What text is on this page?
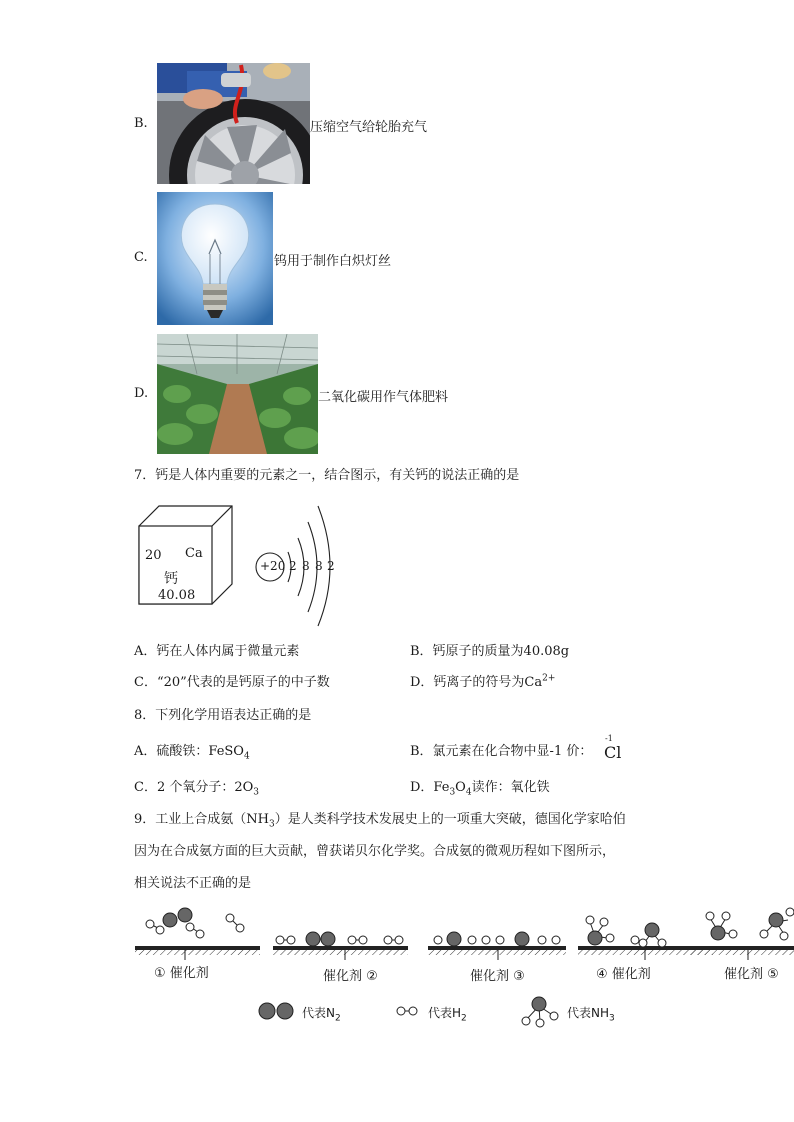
B.	压缩空气给轮胎充气
C.	钨用于制作白炽灯丝
D.	二氧化碳用作气体肥料
7．钙是人体内重要的元素之一，结合图示，有关钙的说法正确的是
20 Ca
钙
40.08
+20 2 8 8 2
A．钙在人体内属于微量元素	B．钙原子的质量为40.08g
C．“20”代表的是钙原子的中子数	D．钙离子的符号为$Ca^{2+}$
8．下列化学用语表达正确的是
A．硫酸铁：FeSO$_4$	B．氯元素在化合物中显-1 价：
-1
Cl
C．2 个氧分子：$2O_3$	D．$Fe_3O_4$读作：氧化铁
9．工业上合成氨$(NH_3)$是人类科学技术发展史上的一项重大突破，德国化学家哈伯
因为在合成氨方面的巨大贡献，曾获诺贝尔化学奖。合成氨的微观历程如下图所示，
相关说法不正确的是
① 催化剂	催化剂 ②	催化剂 ③	④ 催化剂	催化剂 ⑤
代表$N_2$	代表$H_2$	代表$NH_3$
